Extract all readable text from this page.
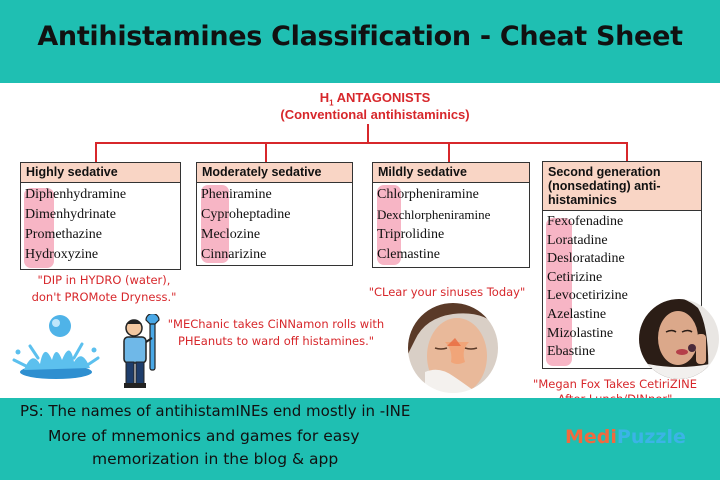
Antihistamines Classification - Cheat Sheet
$H_1$ ANTAGONISTS
(Conventional antihistaminics)
Highly sedative
Diphenhydramine
Dimenhydrinate
Promethazine
Hydroxyzine
Moderately sedative
Pheniramine
Cyproheptadine
Meclozine
Cinnarizine
Mildly sedative
Chlorpheniramine
Dexchlorpheniramine
Triprolidine
Clemastine
Second generation
(nonsedating) anti-
histaminics
Fexofenadine
Loratadine
Desloratadine
Cetirizine
Levocetirizine
Azelastine
Mizolastine
Ebastine
"DIP in HYDRO (water),
don't PROMote Dryness."
"MEChanic takes CiNNamon rolls with
PHEanuts to ward off histamines."
"CLear your sinuses Today"
"Megan Fox Takes CetiriZINE
PS: The names of antihistamINEs end mostly in -INE
More of mnemonics and games for easy
memorization in the blog & app
MediPuzzle
